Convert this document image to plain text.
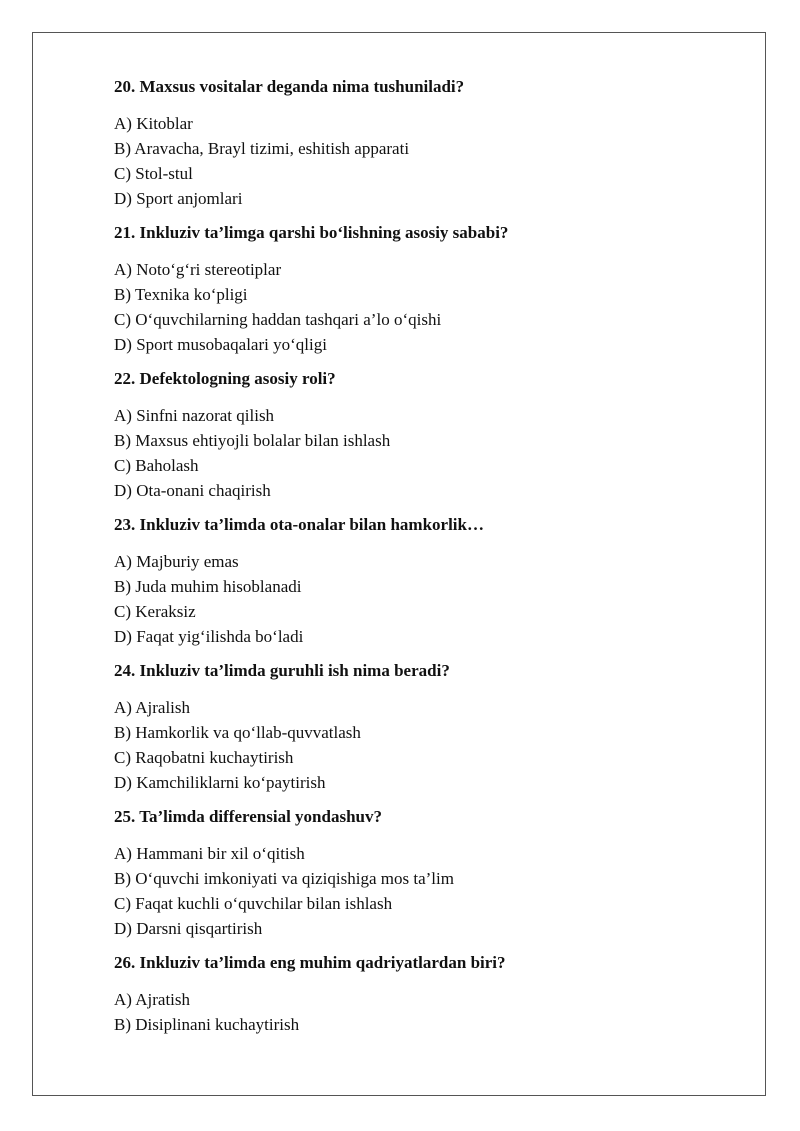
20. Maxsus vositalar deganda nima tushuniladi?

A) Kitoblar

B) Aravacha, Brayl tizimi, eshitish apparati

C) Stol-stul

D) Sport anjomlari

21. Inkluziv ta’limga qarshi bo‘lishning asosiy sababi?

A) Noto‘g‘ri stereotiplar

B) Texnika ko‘pligi

C) O‘quvchilarning haddan tashqari a’lo o‘qishi

D) Sport musobaqalari yo‘qligi

22. Defektologning asosiy roli?

A) Sinfni nazorat qilish

B) Maxsus ehtiyojli bolalar bilan ishlash

C) Baholash

D) Ota-onani chaqirish

23. Inkluziv ta’limda ota-onalar bilan hamkorlik…

A) Majburiy emas

B) Juda muhim hisoblanadi

C) Keraksiz

D) Faqat yig‘ilishda bo‘ladi

24. Inkluziv ta’limda guruhli ish nima beradi?

A) Ajralish

B) Hamkorlik va qo‘llab-quvvatlash

C) Raqobatni kuchaytirish

D) Kamchiliklarni ko‘paytirish

25. Ta’limda differensial yondashuv?

A) Hammani bir xil o‘qitish

B) O‘quvchi imkoniyati va qiziqishiga mos ta’lim

C) Faqat kuchli o‘quvchilar bilan ishlash

D) Darsni qisqartirish

26. Inkluziv ta’limda eng muhim qadriyatlardan biri?

A) Ajratish

B) Disiplinani kuchaytirish
